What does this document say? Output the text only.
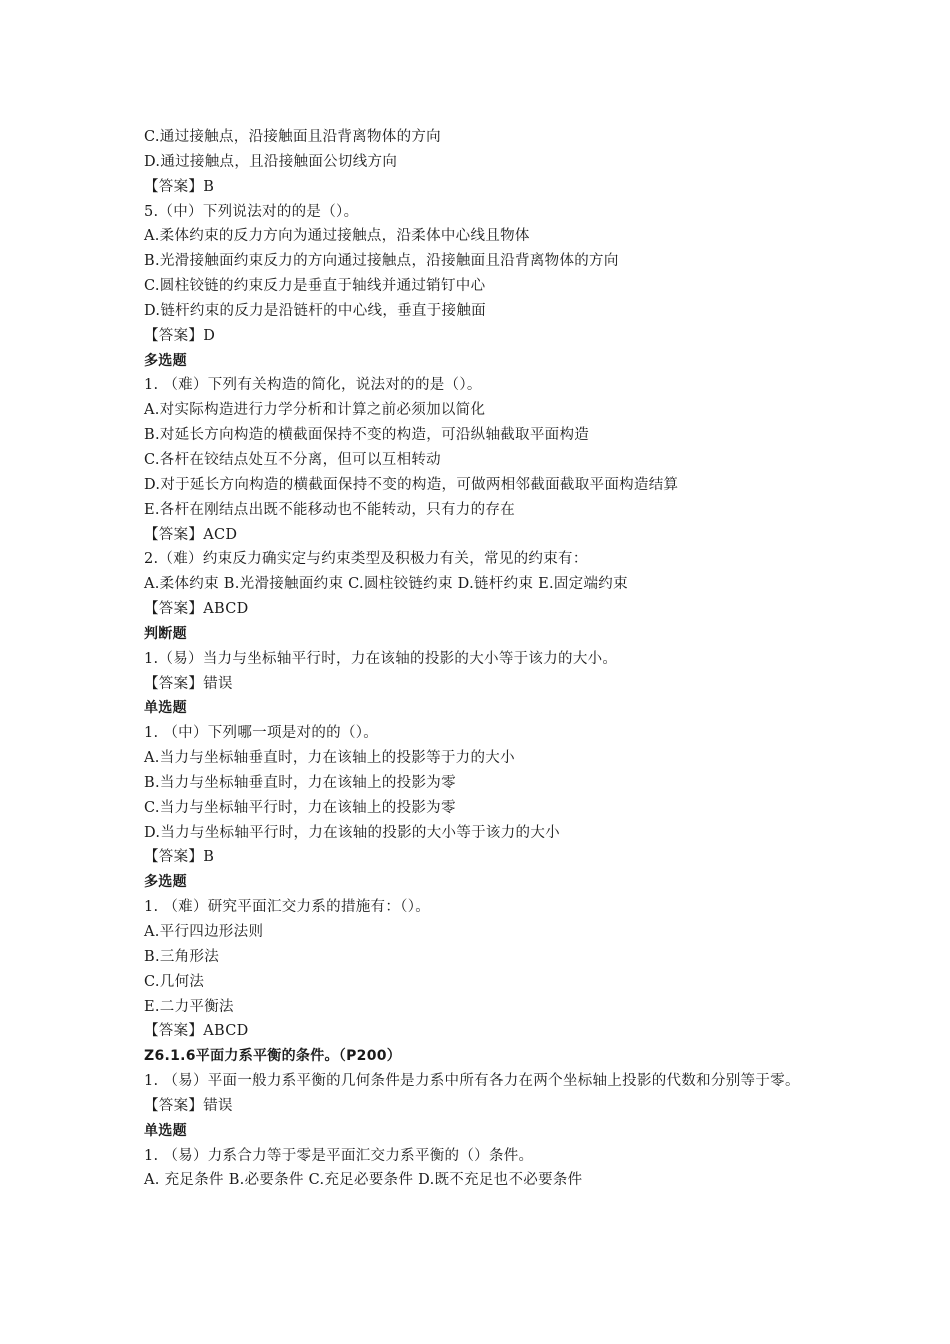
C.通过接触点，沿接触面且沿背离物体的方向
D.通过接触点，且沿接触面公切线方向
【答案】B
5.（中）下列说法对的的是（）。
A.柔体约束的反力方向为通过接触点，沿柔体中心线且物体
B.光滑接触面约束反力的方向通过接触点，沿接触面且沿背离物体的方向
C.圆柱铰链的约束反力是垂直于轴线并通过销钉中心
D.链杆约束的反力是沿链杆的中心线，垂直于接触面
【答案】D
多选题
1. （难）下列有关构造的简化，说法对的的是（）。
A.对实际构造进行力学分析和计算之前必须加以简化
B.对延长方向构造的横截面保持不变的构造，可沿纵轴截取平面构造
C.各杆在铰结点处互不分离，但可以互相转动
D.对于延长方向构造的横截面保持不变的构造，可做两相邻截面截取平面构造结算
E.各杆在刚结点出既不能移动也不能转动，只有力的存在
【答案】ACD
2.（难）约束反力确实定与约束类型及积极力有关，常见的约束有：
A.柔体约束 B.光滑接触面约束 C.圆柱铰链约束 D.链杆约束 E.固定端约束
【答案】ABCD
判断题
1.（易）当力与坐标轴平行时，力在该轴的投影的大小等于该力的大小。
【答案】错误
单选题
1. （中）下列哪一项是对的的（）。
A.当力与坐标轴垂直时，力在该轴上的投影等于力的大小
B.当力与坐标轴垂直时，力在该轴上的投影为零
C.当力与坐标轴平行时，力在该轴上的投影为零
D.当力与坐标轴平行时，力在该轴的投影的大小等于该力的大小
【答案】B
多选题
1. （难）研究平面汇交力系的措施有：（）。
A.平行四边形法则
B.三角形法
C.几何法
E.二力平衡法
【答案】ABCD
Z6.1.6平面力系平衡的条件。（P200）
1. （易）平面一般力系平衡的几何条件是力系中所有各力在两个坐标轴上投影的代数和分别等于零。
【答案】错误
单选题
1. （易）力系合力等于零是平面汇交力系平衡的（）条件。
A. 充足条件 B.必要条件 C.充足必要条件 D.既不充足也不必要条件
